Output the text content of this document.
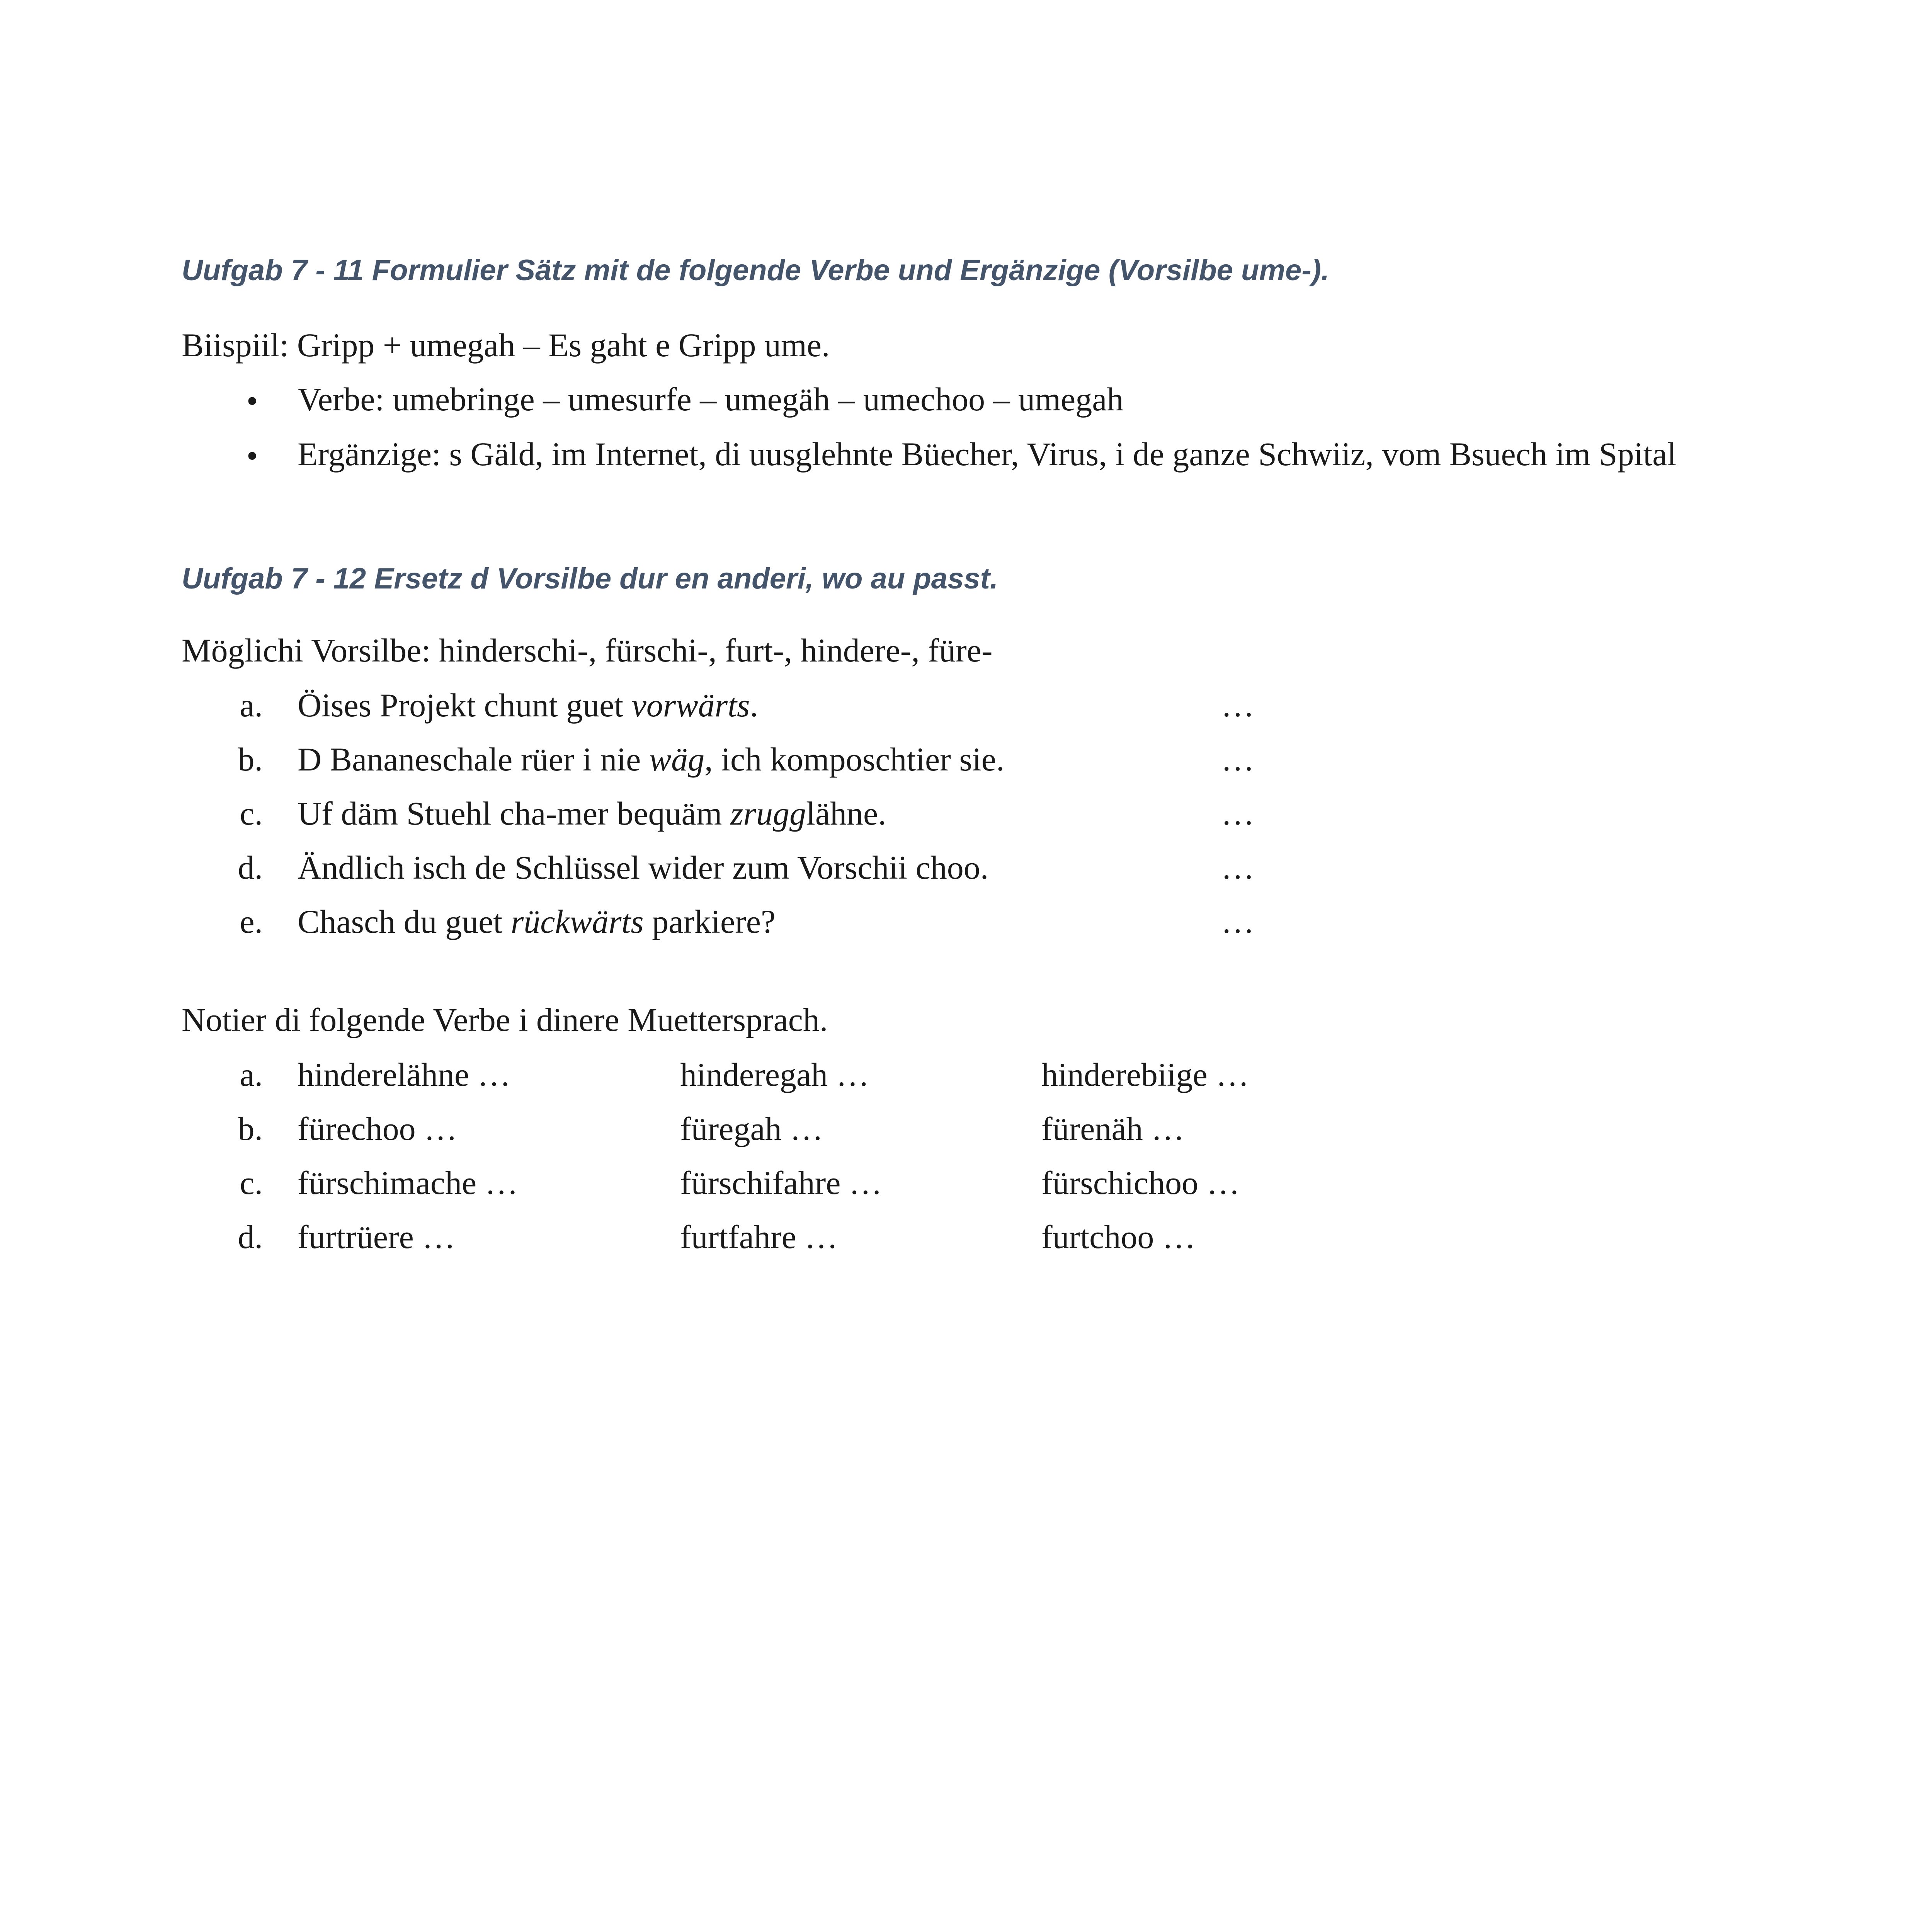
Uufgab 7 - 11 Formulier Sätz mit de folgende Verbe und Ergänzige (Vorsilbe ume-).
Biispiil: Gripp + umegah – Es gaht e Gripp ume.
• Verbe: umebringe – umesurfe – umegäh – umechoo – umegah
• Ergänzige: s Gäld, im Internet, di uusglehnte Büecher, Virus, i de ganze Schwiiz, vom Bsuech im Spital
Uufgab 7 - 12 Ersetz d Vorsilbe dur en anderi, wo au passt.
Möglichi Vorsilbe: hinderschi-, fürschi-, furt-, hindere-, füre-
a. Öises Projekt chunt guet vorwärts.	…
b. D Bananeschale rüer i nie wäg, ich komposchtier sie.	…
c. Uf däm Stuehl cha-mer bequäm zrugglähne.	…
d. Ändlich isch de Schlüssel wider zum Vorschii choo.	…
e. Chasch du guet rückwärts parkiere?	…
Notier di folgende Verbe i dinere Muettersprach.
a. hinderelähne …	hinderegah …	hinderebiige …
b. fürechoo …	füregah …	fürenäh …
c. fürschimache …	fürschifahre …	fürschichoo …
d. furtrüere …	furtfahre …	furtchoo …
